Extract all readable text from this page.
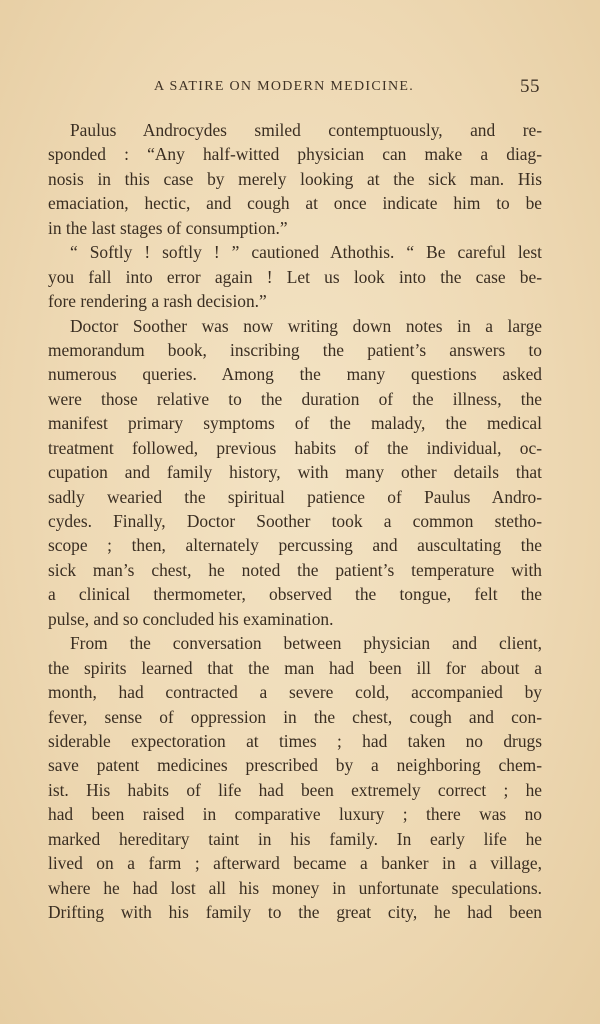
A SATIRE ON MODERN MEDICINE.	55
Paulus Androcydes smiled contemptuously, and re-
sponded : “Any half-witted physician can make a diag-
nosis in this case by merely looking at the sick man. His
emaciation, hectic, and cough at once indicate him to be
in the last stages of consumption.”
“ Softly ! softly ! ” cautioned Athothis. “ Be careful lest
you fall into error again ! Let us look into the case be-
fore rendering a rash decision.”
Doctor Soother was now writing down notes in a large
memorandum book, inscribing the patient’s answers to
numerous queries. Among the many questions asked
were those relative to the duration of the illness, the
manifest primary symptoms of the malady, the medical
treatment followed, previous habits of the individual, oc-
cupation and family history, with many other details that
sadly wearied the spiritual patience of Paulus Andro-
cydes. Finally, Doctor Soother took a common stetho-
scope ; then, alternately percussing and auscultating the
sick man’s chest, he noted the patient’s temperature with
a clinical thermometer, observed the tongue, felt the
pulse, and so concluded his examination.
From the conversation between physician and client,
the spirits learned that the man had been ill for about a
month, had contracted a severe cold, accompanied by
fever, sense of oppression in the chest, cough and con-
siderable expectoration at times ; had taken no drugs
save patent medicines prescribed by a neighboring chem-
ist. His habits of life had been extremely correct ; he
had been raised in comparative luxury ; there was no
marked hereditary taint in his family. In early life he
lived on a farm ; afterward became a banker in a village,
where he had lost all his money in unfortunate speculations.
Drifting with his family to the great city, he had been
